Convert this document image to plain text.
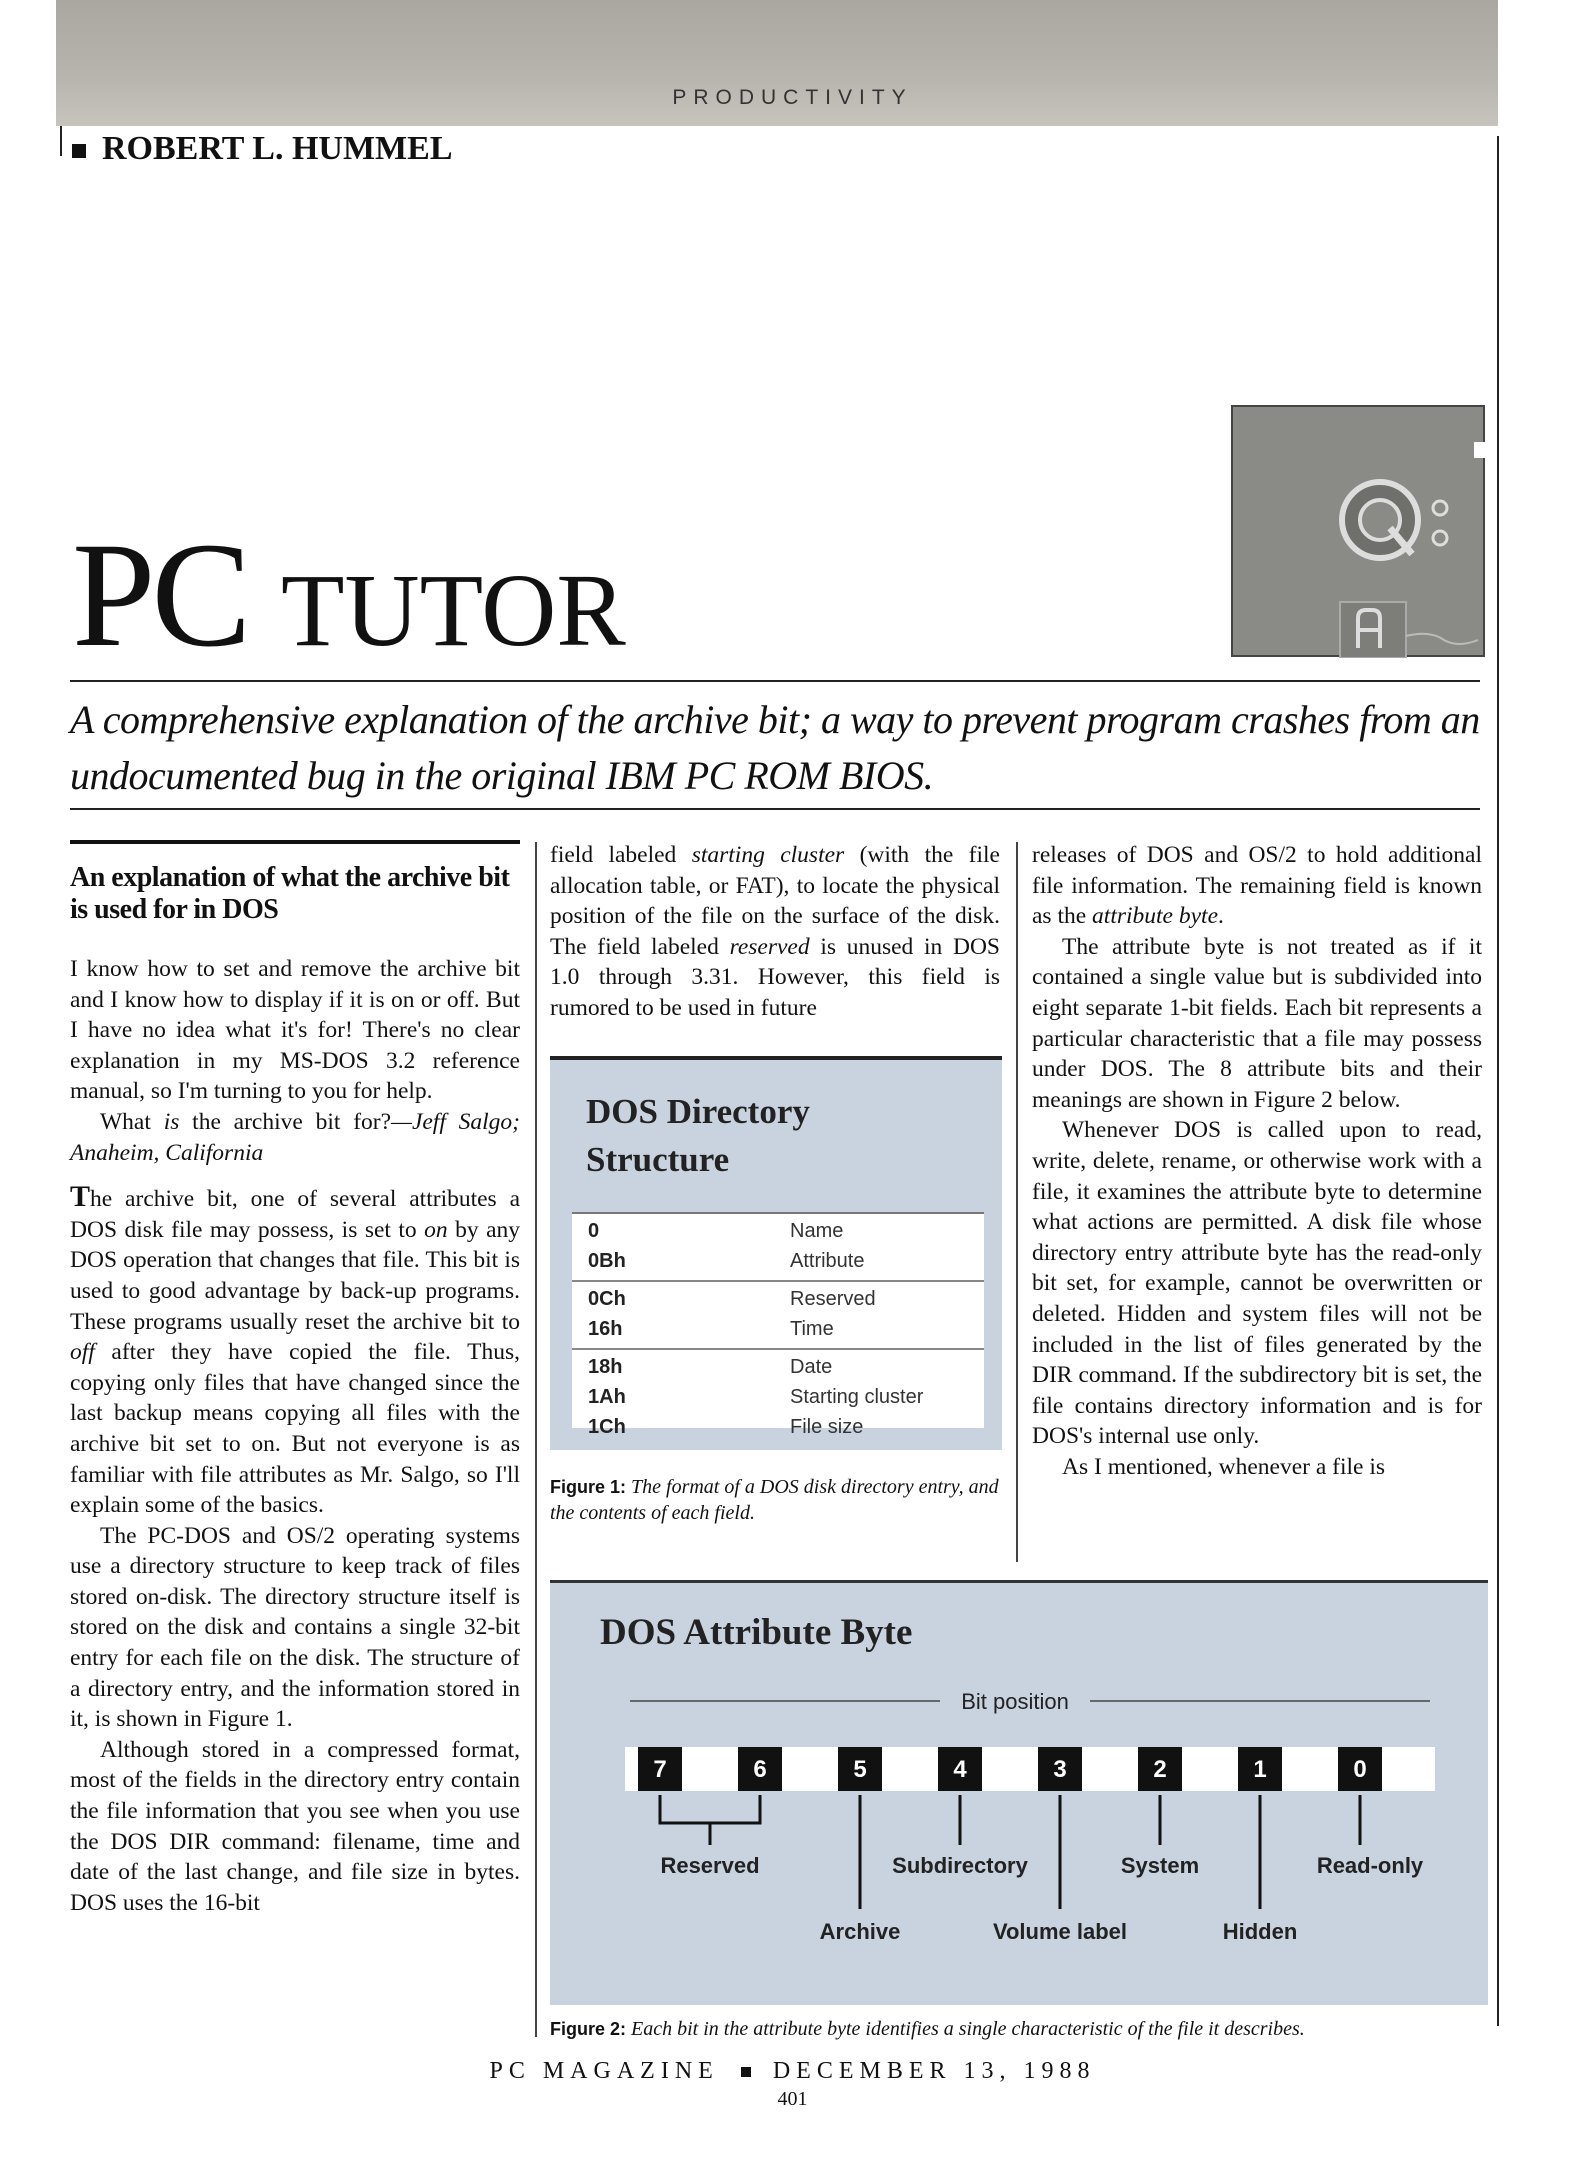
PRODUCTIVITY
ROBERT L. HUMMEL
PC TUTOR
A comprehensive explanation of the archive bit; a way to prevent program crashes from an undocumented bug in the original IBM PC ROM BIOS.
An explanation of what the archive bit is used for in DOS

I know how to set and remove the archive bit and I know how to display if it is on or off. But I have no idea what it's for! There's no clear explanation in my MS-DOS 3.2 reference manual, so I'm turning to you for help.

What is the archive bit for?—Jeff Salgo; Anaheim, California

The archive bit, one of several attributes a DOS disk file may possess, is set to on by any DOS operation that changes that file. This bit is used to good advantage by back-up programs. These programs usually reset the archive bit to off after they have copied the file. Thus, copying only files that have changed since the last backup means copying all files with the archive bit set to on. But not everyone is as familiar with file attributes as Mr. Salgo, so I'll explain some of the basics.

The PC-DOS and OS/2 operating systems use a directory structure to keep track of files stored on-disk. The directory structure itself is stored on the disk and contains a single 32-bit entry for each file on the disk. The structure of a directory entry, and the information stored in it, is shown in Figure 1.

Although stored in a compressed format, most of the fields in the directory entry contain the file information that you see when you use the DOS DIR command: filename, time and date of the last change, and file size in bytes. DOS uses the 16-bit

field labeled starting cluster (with the file allocation table, or FAT), to locate the physical position of the file on the surface of the disk. The field labeled reserved is unused in DOS 1.0 through 3.31. However, this field is rumored to be used in future

DOS Directory
Structure
0	Name
0Bh	Attribute
0Ch	Reserved
16h	Time
18h	Date
1Ah	Starting cluster
1Ch	File size
Figure 1: The format of a DOS disk directory entry, and the contents of each field.

releases of DOS and OS/2 to hold additional file information. The remaining field is known as the attribute byte.

The attribute byte is not treated as if it contained a single value but is subdivided into eight separate 1-bit fields. Each bit represents a particular characteristic that a file may possess under DOS. The 8 attribute bits and their meanings are shown in Figure 2 below.

Whenever DOS is called upon to read, write, delete, rename, or otherwise work with a file, it examines the attribute byte to determine what actions are permitted. A disk file whose directory entry attribute byte has the read-only bit set, for example, cannot be overwritten or deleted. Hidden and system files will not be included in the list of files generated by the DIR command. If the subdirectory bit is set, the file contains directory information and is for DOS's internal use only.

As I mentioned, whenever a file is

DOS Attribute Byte
Bit position
7	6	5	4	3	2	1	0
Reserved
Archive
Subdirectory
Volume label
System
Hidden
Read-only
Figure 2: Each bit in the attribute byte identifies a single characteristic of the file it describes.
PC MAGAZINE DECEMBER 13, 1988
401
